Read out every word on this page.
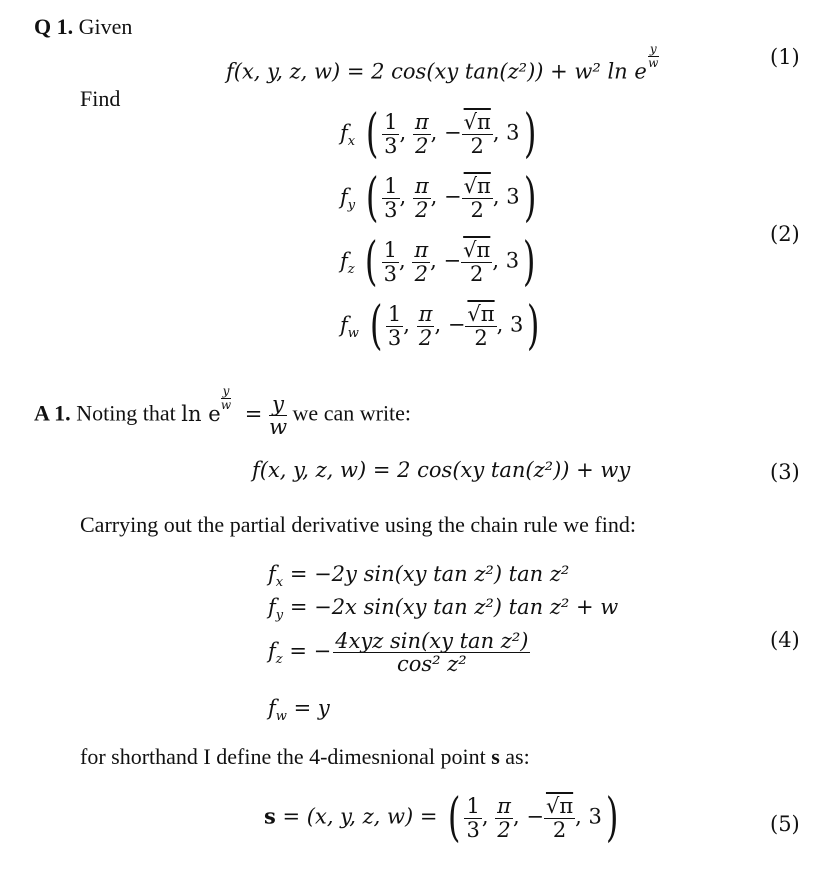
Q 1. Given
f(x, y, z, w) = 2 cos(xy tan(z²)) + w² ln e
$\frac{y}{w}$	(1)
Find
$f_x$ ( $\frac{1}{3}$ , $\frac{\pi}{2}$ , − $\frac{√\pi}{2}$ , 3)
$f_y$ ( $\frac{1}{3}$ , $\frac{\pi}{2}$ , − $\frac{√\pi}{2}$ , 3)
$f_z$ ( $\frac{1}{3}$ , $\frac{\pi}{2}$ , − $\frac{√\pi}{2}$ , 3)
$f_w$ ( $\frac{1}{3}$ , $\frac{\pi}{2}$ , − $\frac{√\pi}{2}$ , 3)
(2)
A 1. Noting that ln e
$\frac{y}{w}$
= $\frac{y}{w}$ we can write:
f(x, y, z, w) = 2 cos(xy tan(z²)) + wy	(3)
Carrying out the partial derivative using the chain rule we find:
$f_x = -2y$ sin(xy tan z²) tan z²
$f_y = -2x$ sin(xy tan z²) tan z² + w
$f_z$ = − $\frac{\text{4xyz sin(xy tan z²)}}{\text{cos² z²}}$
$f_w = y$
(4)
for shorthand I define the 4-dimesnional point s as:
s = (x, y, z, w) = ( $\frac{1}{3}$ , $\frac{\pi}{2}$ , − $\frac{√\pi}{2}$ , 3)	(5)
